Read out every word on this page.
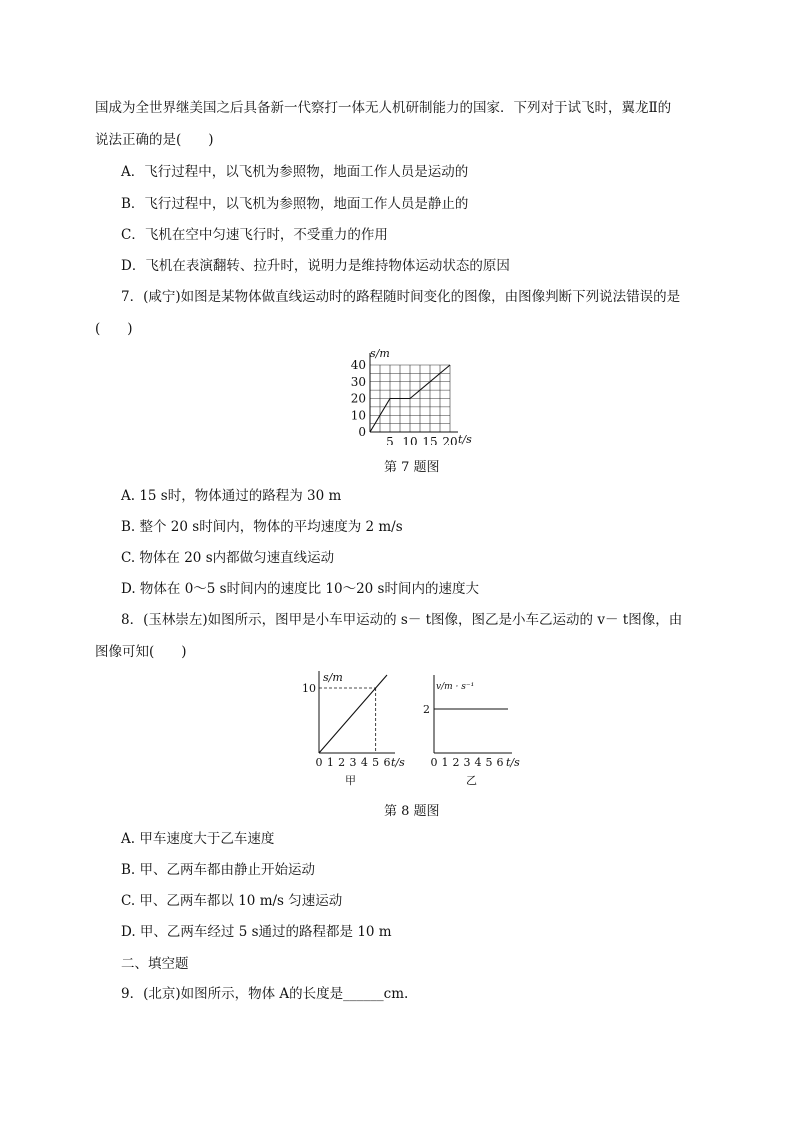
国成为全世界继美国之后具备新一代察打一体无人机研制能力的国家．下列对于试飞时，翼龙Ⅱ的
说法正确的是(　　)
A．飞行过程中，以飞机为参照物，地面工作人员是运动的
B．飞行过程中，以飞机为参照物，地面工作人员是静止的
C．飞机在空中匀速飞行时，不受重力的作用
D．飞机在表演翻转、拉升时，说明力是维持物体运动状态的原因
7．(咸宁)如图是某物体做直线运动时的路程随时间变化的图像，由图像判断下列说法错误的是
(　　)
0
10
20
30
40
5 10 15 20
s/m
t/s
第 7 题图
A. 15 s时，物体通过的路程为 30 m
B. 整个 20 s时间内，物体的平均速度为 2 m/s
C. 物体在 20 s内都做匀速直线运动
D. 物体在 0～5 s时间内的速度比 10～20 s时间内的速度大
8．(玉林崇左)如图所示，图甲是小车甲运动的 s－ t图像，图乙是小车乙运动的 v－ t图像，由
图像可知(　　)
10
0 1 2 3 4 5 6
s/m
t/s
甲
2
0 1 2 3 4 5 6
v/m · s⁻¹
t/s
乙
第 8 题图
A. 甲车速度大于乙车速度
B. 甲、乙两车都由静止开始运动
C. 甲、乙两车都以 10 m/s 匀速运动
D. 甲、乙两车经过 5 s通过的路程都是 10 m
二、填空题
9．(北京)如图所示，物体 A的长度是______cm.
